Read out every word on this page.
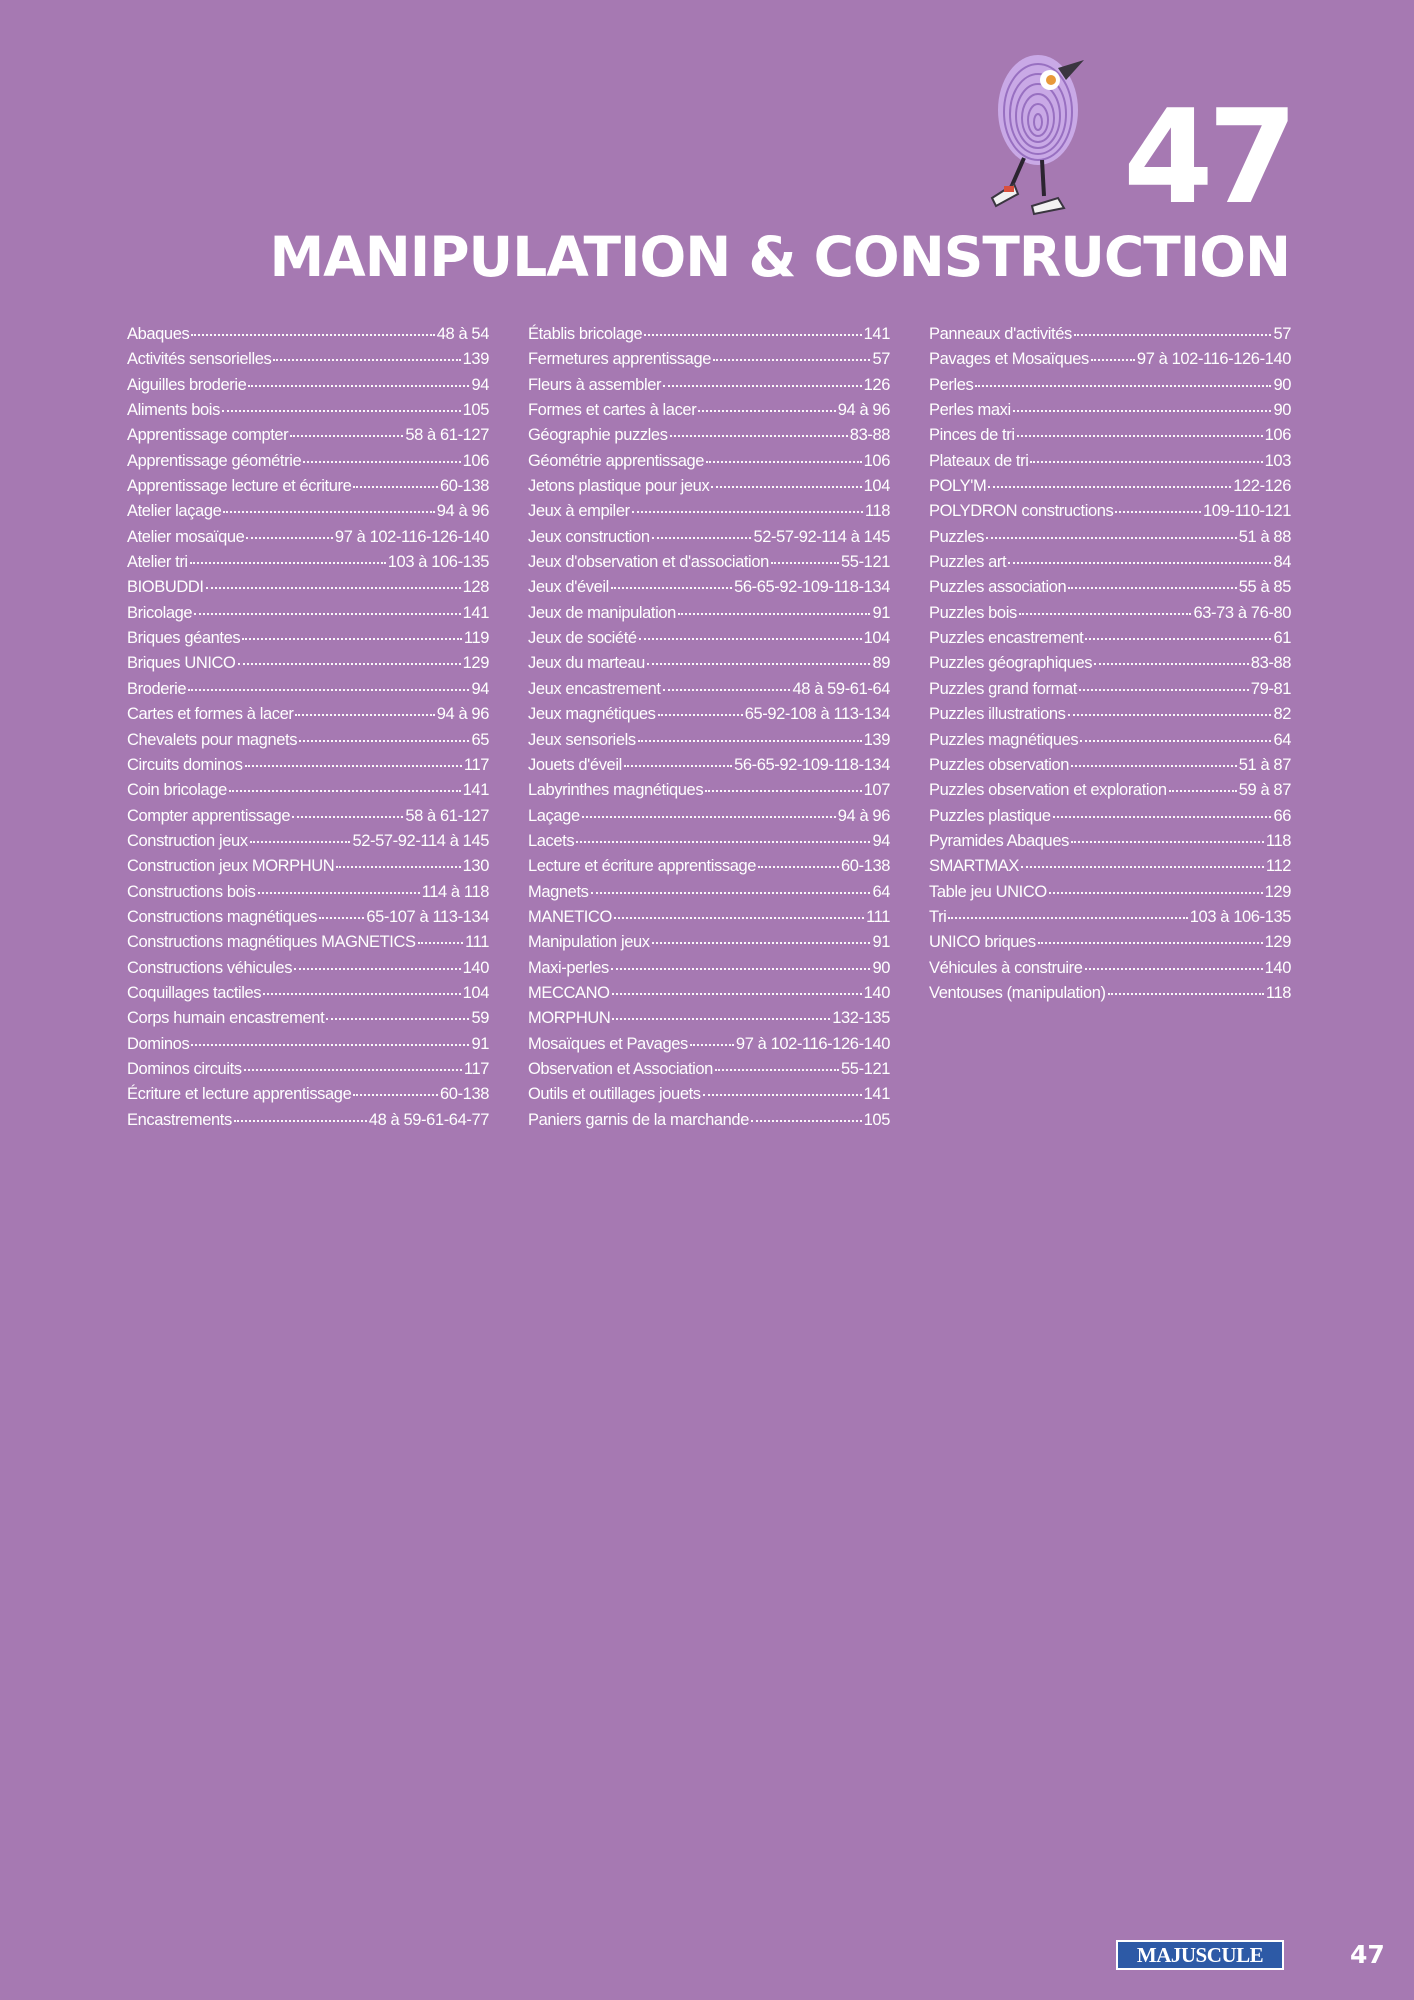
47
MANIPULATION & CONSTRUCTION
Abaques	48 à 54
Activités sensorielles	139
Aiguilles broderie	94
Aliments bois	105
Apprentissage compter	58 à 61-127
Apprentissage géométrie	106
Apprentissage lecture et écriture	60-138
Atelier laçage	94 à 96
Atelier mosaïque	97 à 102-116-126-140
Atelier tri	103 à 106-135
BIOBUDDI	128
Bricolage	141
Briques géantes	119
Briques UNICO	129
Broderie	94
Cartes et formes à lacer	94 à 96
Chevalets pour magnets	65
Circuits dominos	117
Coin bricolage	141
Compter apprentissage	58 à 61-127
Construction jeux	52-57-92-114 à 145
Construction jeux MORPHUN	130
Constructions bois	114 à 118
Constructions magnétiques	65-107 à 113-134
Constructions magnétiques MAGNETICS	111
Constructions véhicules	140
Coquillages tactiles	104
Corps humain encastrement	59
Dominos	91
Dominos circuits	117
Écriture et lecture apprentissage	60-138
Encastrements	48 à 59-61-64-77
Établis bricolage	141
Fermetures apprentissage	57
Fleurs à assembler	126
Formes et cartes à lacer	94 à 96
Géographie puzzles	83-88
Géométrie apprentissage	106
Jetons plastique pour jeux	104
Jeux à empiler	118
Jeux construction	52-57-92-114 à 145
Jeux d'observation et d'association	55-121
Jeux d'éveil	56-65-92-109-118-134
Jeux de manipulation	91
Jeux de société	104
Jeux du marteau	89
Jeux encastrement	48 à 59-61-64
Jeux magnétiques	65-92-108 à 113-134
Jeux sensoriels	139
Jouets d'éveil	56-65-92-109-118-134
Labyrinthes magnétiques	107
Laçage	94 à 96
Lacets	94
Lecture et écriture apprentissage	60-138
Magnets	64
MANETICO	111
Manipulation jeux	91
Maxi-perles	90
MECCANO	140
MORPHUN	132-135
Mosaïques et Pavages	97 à 102-116-126-140
Observation et Association	55-121
Outils et outillages jouets	141
Paniers garnis de la marchande	105
Panneaux d'activités	57
Pavages et Mosaïques	97 à 102-116-126-140
Perles	90
Perles maxi	90
Pinces de tri	106
Plateaux de tri	103
POLY'M	122-126
POLYDRON constructions	109-110-121
Puzzles	51 à 88
Puzzles art	84
Puzzles association	55 à 85
Puzzles bois	63-73 à 76-80
Puzzles encastrement	61
Puzzles géographiques	83-88
Puzzles grand format	79-81
Puzzles illustrations	82
Puzzles magnétiques	64
Puzzles observation	51 à 87
Puzzles observation et exploration	59 à 87
Puzzles plastique	66
Pyramides Abaques	118
SMARTMAX	112
Table jeu UNICO	129
Tri	103 à 106-135
UNICO briques	129
Véhicules à construire	140
Ventouses (manipulation)	118
MAJUSCULE	47
